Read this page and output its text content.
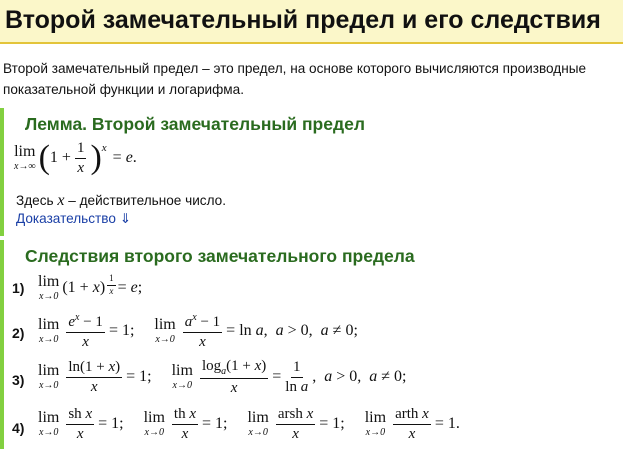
Второй замечательный предел и его следствия
Второй замечательный предел – это предел, на основе которого вычисляются производные показательной функции и логарифма.
Лемма. Второй замечательный предел
lim
x→∞ ( $1 + \frac{1}{x}$ ) x
= e.
Здесь x – действительное число.
Доказательство ⇓
Следствия второго замечательного предела
1) lim
x→0
$(1 + x) \frac{1}{x} = e$;
2) lim
$x\to 0 \frac{e^x - 1}{x} = 1$; lim
$x\to 0 \frac{a^x - 1}{x} = \ln a$,  a > 0,  a ≠ 0;
3)
lim
$x\to 0 \frac{\ln(1 + x)}{x} = 1$; lim
$x\to 0 \frac{\log_a(1 + x)}{x} = \frac{1}{\text{ln a}}$ ,  a > 0,  a ≠ 0;
4)
lim
$x\to 0 \frac{\text{sh x}}{x} = 1$; lim
$x\to 0 \frac{\text{th x}}{x} = 1$; lim
$x\to 0 \frac{\text{arsh x}}{x} = 1$; lim
$x\to 0 \frac{\text{arth x}}{x} = 1$.
